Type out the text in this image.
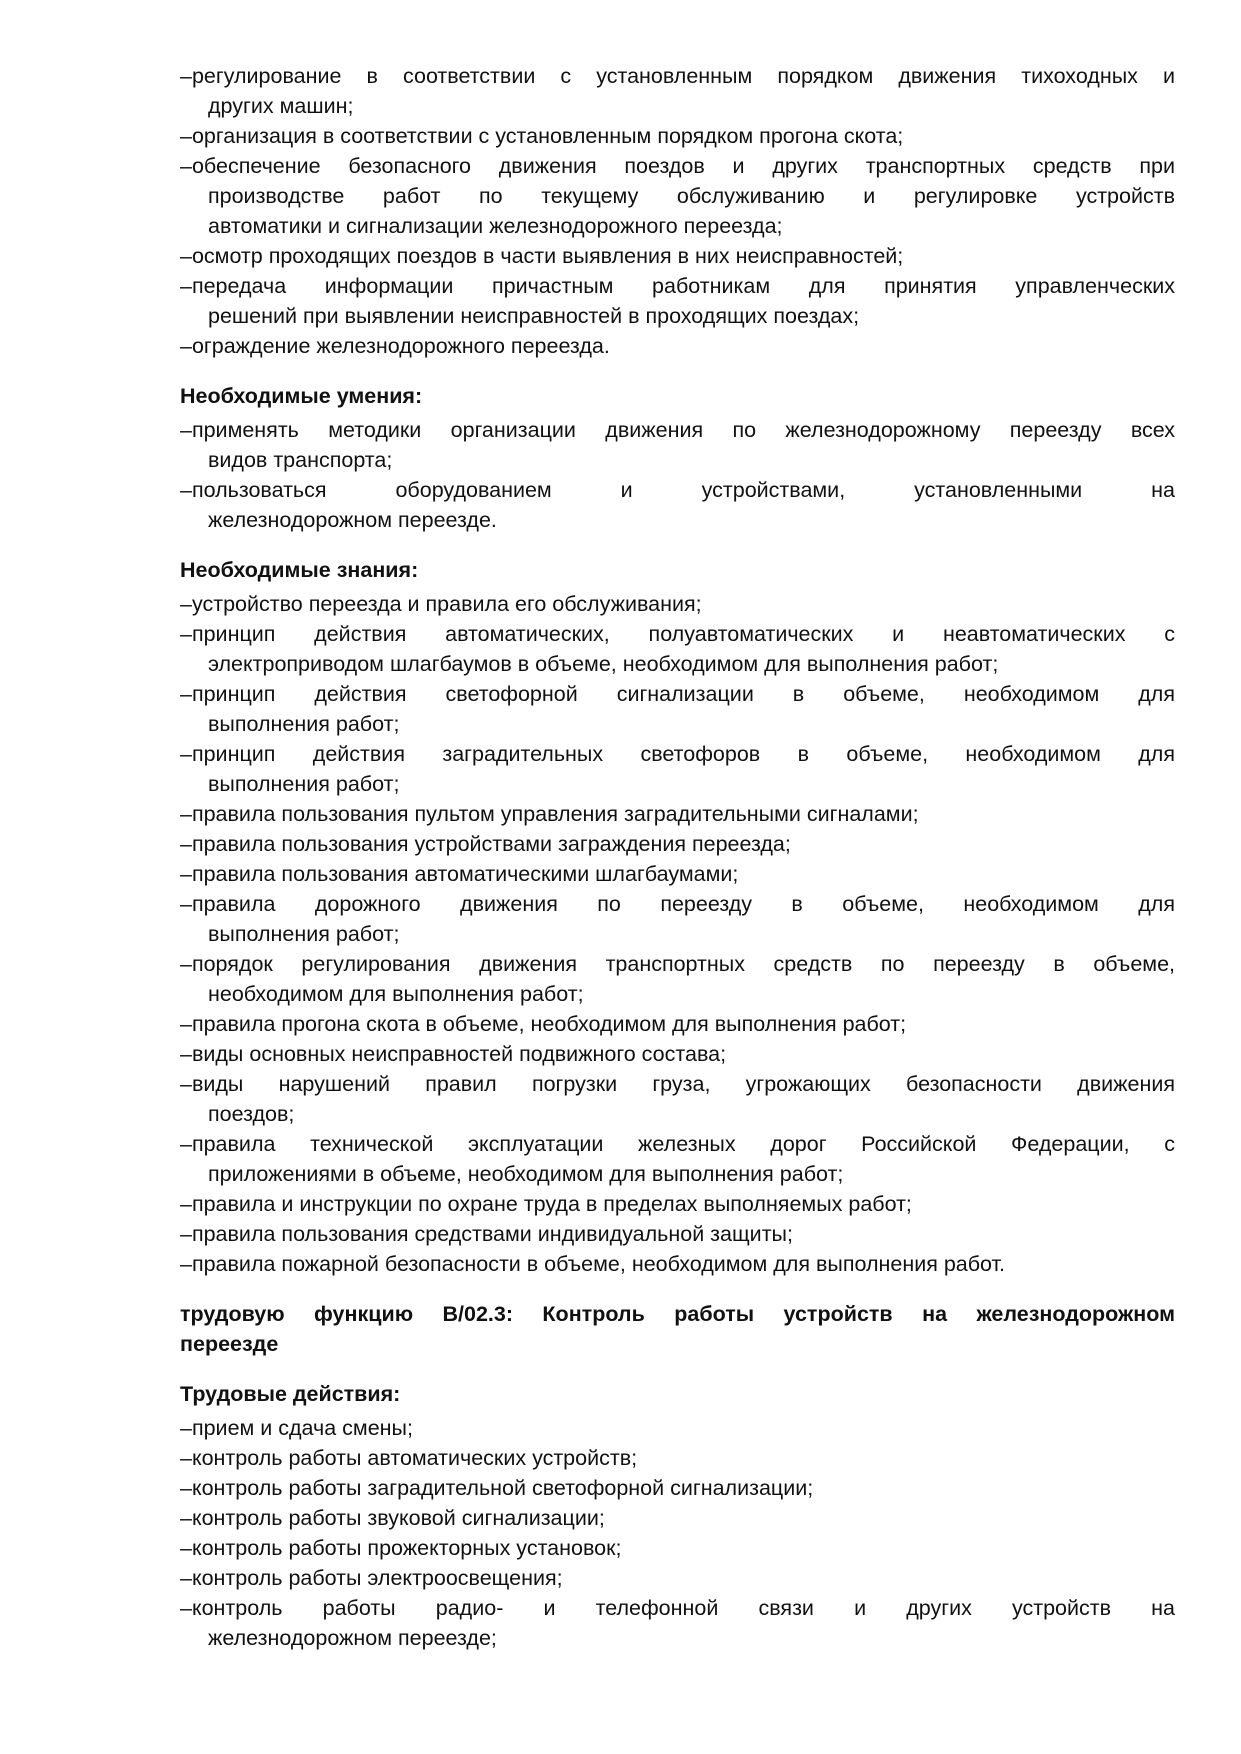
–регулирование в соответствии с установленным порядком движения тихоходных и
других машин;
–организация в соответствии с установленным порядком прогона скота;
–обеспечение безопасного движения поездов и других транспортных средств при
производстве работ по текущему обслуживанию и регулировке устройств
автоматики и сигнализации железнодорожного переезда;
–осмотр проходящих поездов в части выявления в них неисправностей;
–передача информации причастным работникам для принятия управленческих
решений при выявлении неисправностей в проходящих поездах;
–ограждение железнодорожного переезда.
Необходимые умения:
–применять методики организации движения по железнодорожному переезду всех
видов транспорта;
–пользоваться оборудованием и устройствами, установленными на
железнодорожном переезде.
Необходимые знания:
–устройство переезда и правила его обслуживания;
–принцип действия автоматических, полуавтоматических и неавтоматических с
электроприводом шлагбаумов в объеме, необходимом для выполнения работ;
–принцип действия светофорной сигнализации в объеме, необходимом для
выполнения работ;
–принцип действия заградительных светофоров в объеме, необходимом для
выполнения работ;
–правила пользования пультом управления заградительными сигналами;
–правила пользования устройствами заграждения переезда;
–правила пользования автоматическими шлагбаумами;
–правила дорожного движения по переезду в объеме, необходимом для
выполнения работ;
–порядок регулирования движения транспортных средств по переезду в объеме,
необходимом для выполнения работ;
–правила прогона скота в объеме, необходимом для выполнения работ;
–виды основных неисправностей подвижного состава;
–виды нарушений правил погрузки груза, угрожающих безопасности движения
поездов;
–правила технической эксплуатации железных дорог Российской Федерации, с
приложениями в объеме, необходимом для выполнения работ;
–правила и инструкции по охране труда в пределах выполняемых работ;
–правила пользования средствами индивидуальной защиты;
–правила пожарной безопасности в объеме, необходимом для выполнения работ.
трудовую функцию В/02.3: Контроль работы устройств на железнодорожном
переезде
Трудовые действия:
–прием и сдача смены;
–контроль работы автоматических устройств;
–контроль работы заградительной светофорной сигнализации;
–контроль работы звуковой сигнализации;
–контроль работы прожекторных установок;
–контроль работы электроосвещения;
–контроль работы радио- и телефонной связи и других устройств на
железнодорожном переезде;
